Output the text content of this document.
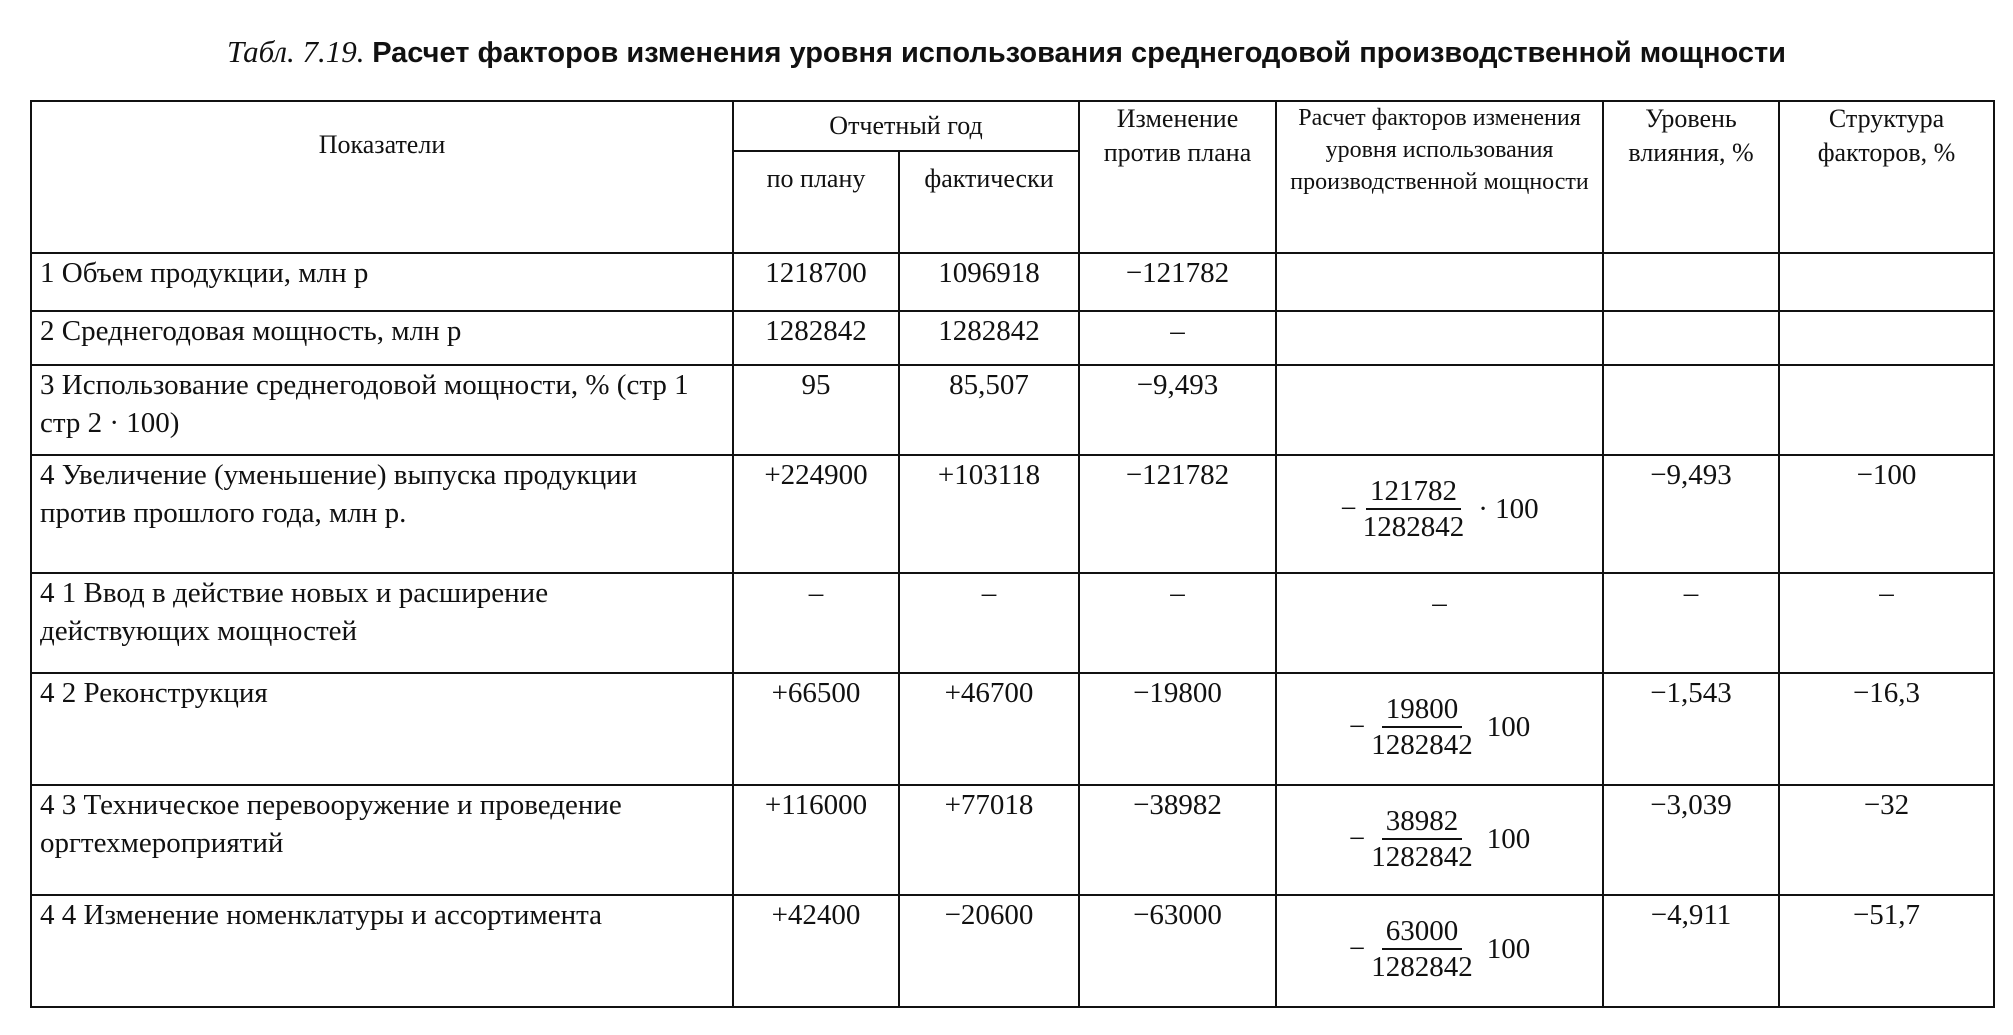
Табл. 7.19. Расчет факторов изменения уровня использования среднегодовой производственной мощности
Показатели	Отчетный год		Изменение против плана	Расчет факторов изменения уровня использования производственной мощности	Уровень влияния, %	Структура факторов, %
	по плану	фактически				
1 Объем продукции, млн р	1218700	1096918	−121782			
2 Среднегодовая мощность, млн р	1282842	1282842	–			
3 Использование среднегодовой мощности, % (стр 1 стр 2 · 100)	95	85,507	−9,493			
4 Увеличение (уменьшение) выпуска продукции против прошлого года, млн р.	+224900	+103118	−121782	− $\frac{121782}{1282842} \cdot 100$	−9,493	−100
4 1 Ввод в действие новых и расширение действующих мощностей	–	–	–	–	–	–
4 2 Реконструкция	+66500	+46700	−19800	− $\frac{19800}{1282842} 100$	−1,543	−16,3
4 3 Техническое перевооружение и проведение оргтехмероприятий	+116000	+77018	−38982	− $\frac{38982}{1282842} 100$	−3,039	−32
4 4 Изменение номенклатуры и ассортимента	+42400	−20600	−63000	− $\frac{63000}{1282842} 100$	−4,911	−51,7
